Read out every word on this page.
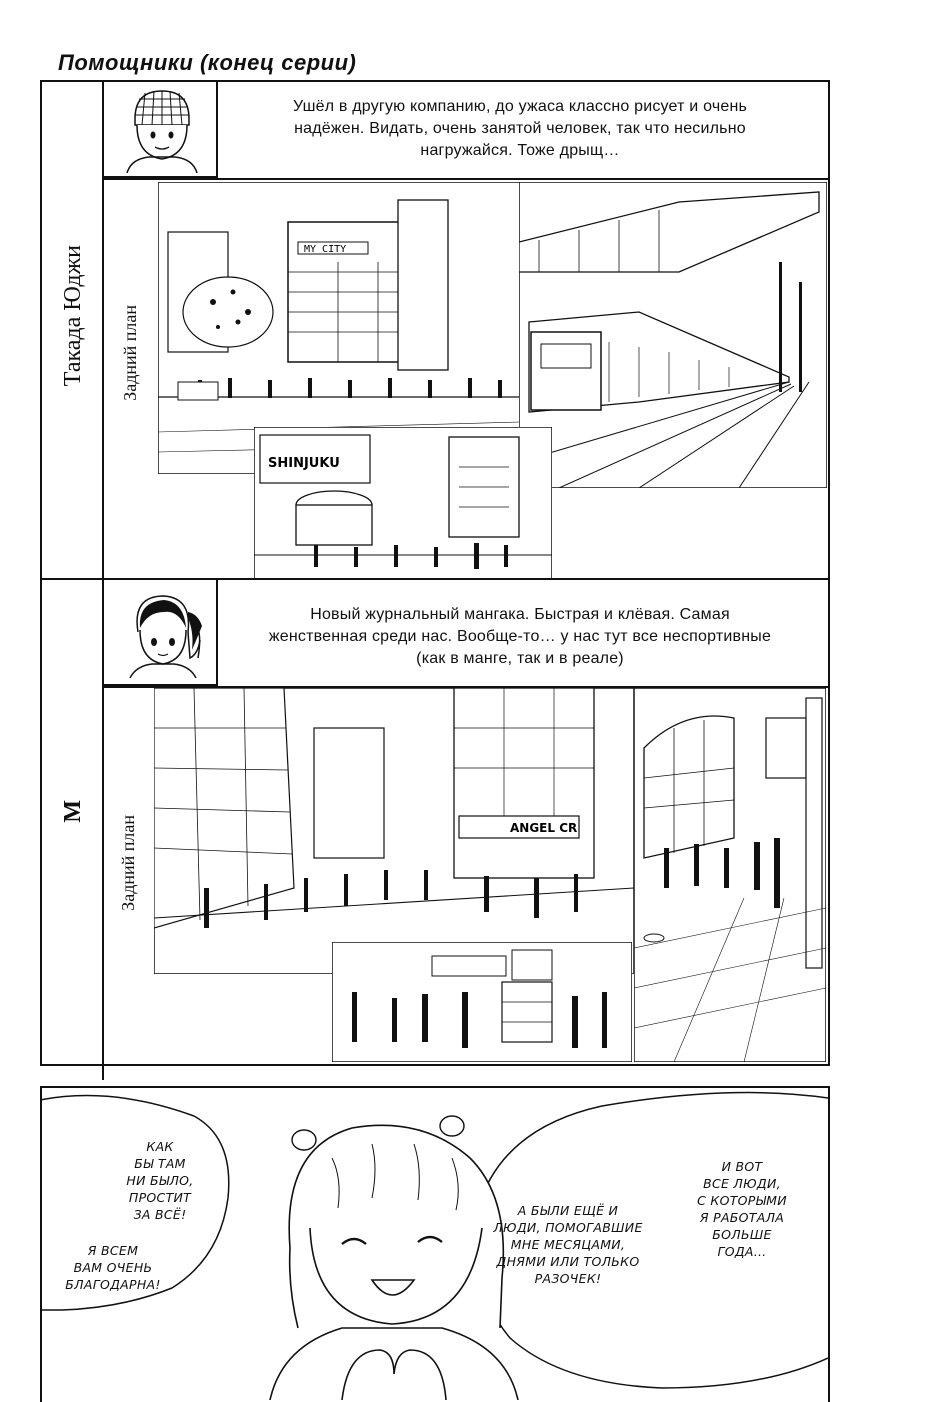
Помощники (конец серии)
Такада Юджи
Ушёл в другую компанию, до ужаса классно рисует и очень
надёжен. Видать, очень занятой человек, так что несильно
нагружайся. Тоже дрыщ…
Задний план
MY CITY
SHINJUKU
М
Новый журнальный мангака. Быстрая и клёвая. Самая
женственная среди нас. Вообще-то… у нас тут все неспортивные
(как в манге, так и в реале)
Задний план	ANGEL CR
КАК
БЫ ТАМ
НИ БЫЛО,
ПРОСТИТ
ЗА ВСЁ!
Я ВСЕМ
ВАМ ОЧЕНЬ
БЛАГОДАРНА!
А БЫЛИ ЕЩЁ И
ЛЮДИ, ПОМОГАВШИЕ
МНЕ МЕСЯЦАМИ,
ДНЯМИ ИЛИ ТОЛЬКО
РАЗОЧЕК!
И ВОТ
ВСЕ ЛЮДИ,
С КОТОРЫМИ
Я РАБОТАЛА
БОЛЬШЕ
ГОДА…
